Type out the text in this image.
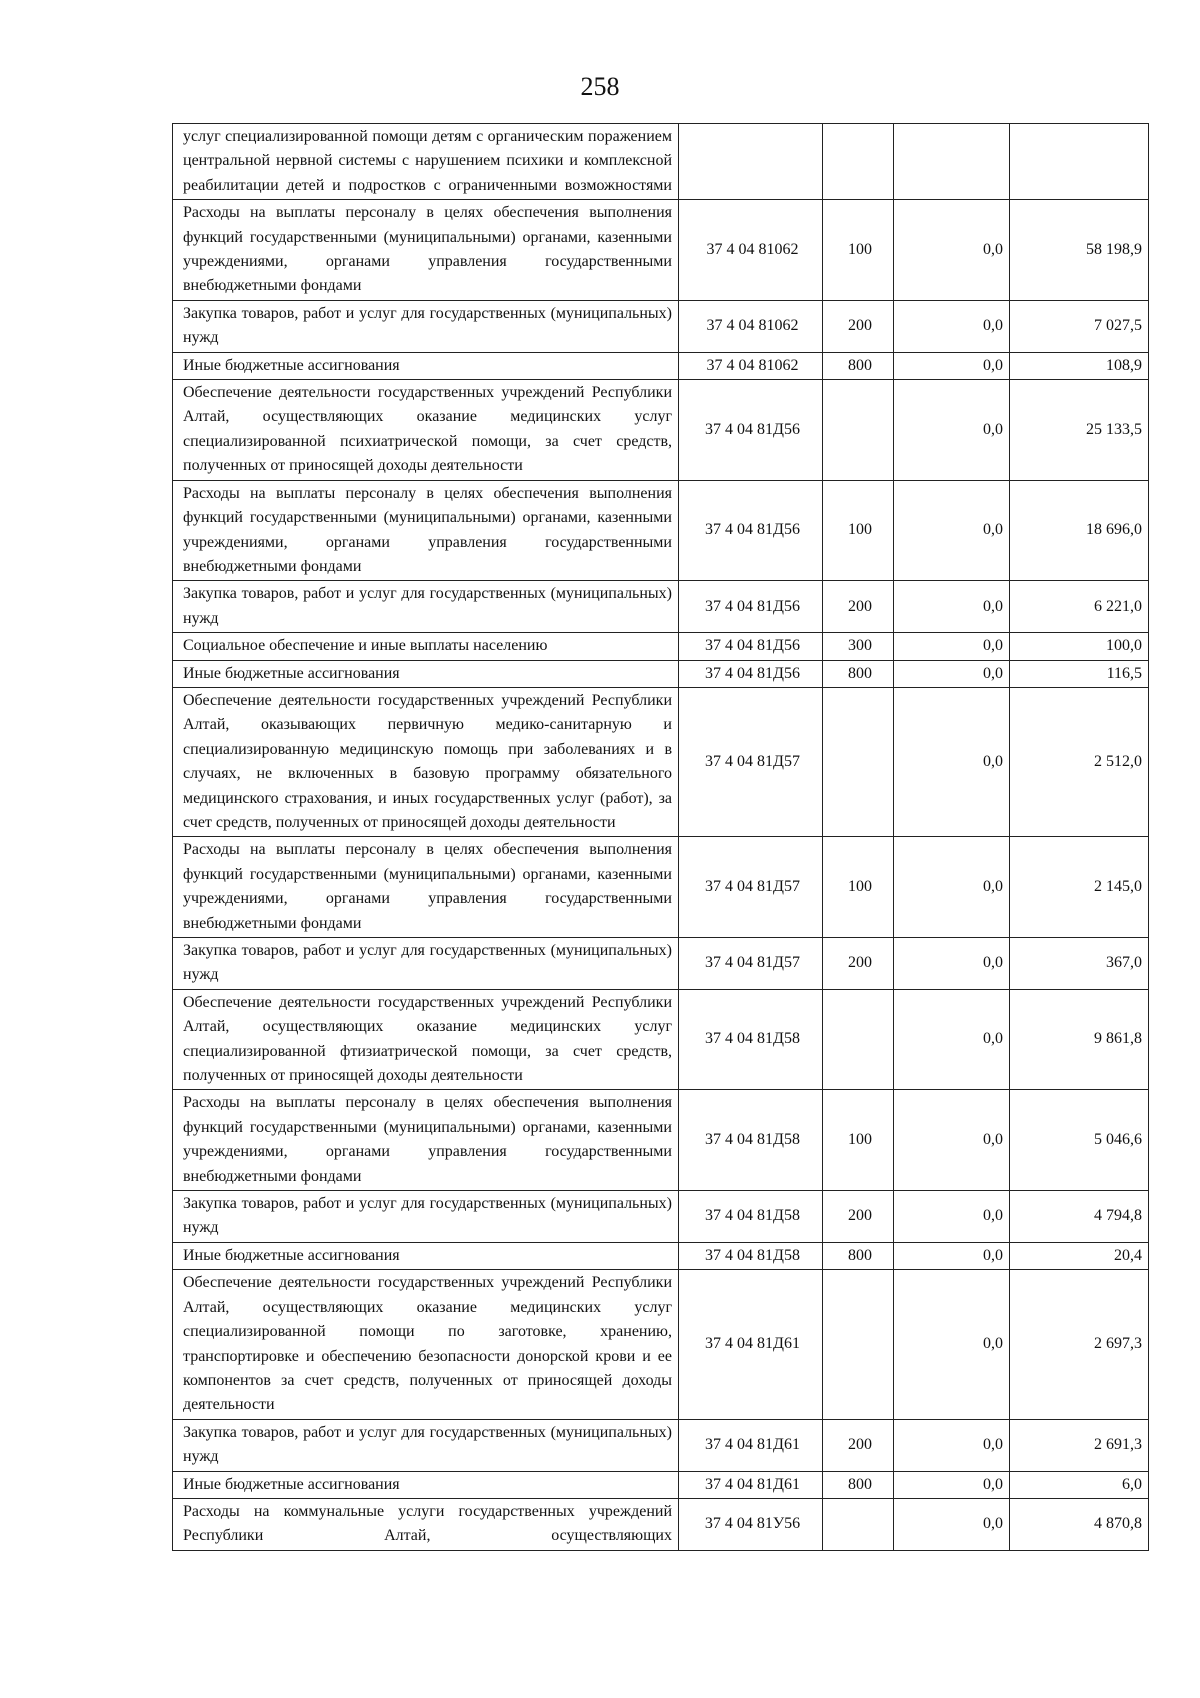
258
услуг специализированной помощи детям с органическим поражением центральной нервной системы с нарушением психики и комплексной реабилитации детей и подростков с ограниченными возможностями				
Расходы на выплаты персоналу в целях обеспечения выполнения функций государственными (муниципальными) органами, казенными учреждениями, органами управления государственными внебюджетными фондами	37 4 04 81062	100	0,0	58 198,9
Закупка товаров, работ и услуг для государственных (муниципальных) нужд	37 4 04 81062	200	0,0	7 027,5
Иные бюджетные ассигнования	37 4 04 81062	800	0,0	108,9
Обеспечение деятельности государственных учреждений Республики Алтай, осуществляющих оказание медицинских услуг специализированной психиатрической помощи, за счет средств, полученных от приносящей доходы деятельности	37 4 04 81Д56		0,0	25 133,5
Расходы на выплаты персоналу в целях обеспечения выполнения функций государственными (муниципальными) органами, казенными учреждениями, органами управления государственными внебюджетными фондами	37 4 04 81Д56	100	0,0	18 696,0
Закупка товаров, работ и услуг для государственных (муниципальных) нужд	37 4 04 81Д56	200	0,0	6 221,0
Социальное обеспечение и иные выплаты населению	37 4 04 81Д56	300	0,0	100,0
Иные бюджетные ассигнования	37 4 04 81Д56	800	0,0	116,5
Обеспечение деятельности государственных учреждений Республики Алтай, оказывающих первичную медико-санитарную и специализированную медицинскую помощь при заболеваниях и в случаях, не включенных в базовую программу обязательного медицинского страхования, и иных государственных услуг (работ), за счет средств, полученных от приносящей доходы деятельности	37 4 04 81Д57		0,0	2 512,0
Расходы на выплаты персоналу в целях обеспечения выполнения функций государственными (муниципальными) органами, казенными учреждениями, органами управления государственными внебюджетными фондами	37 4 04 81Д57	100	0,0	2 145,0
Закупка товаров, работ и услуг для государственных (муниципальных) нужд	37 4 04 81Д57	200	0,0	367,0
Обеспечение деятельности государственных учреждений Республики Алтай, осуществляющих оказание медицинских услуг специализированной фтизиатрической помощи, за счет средств, полученных от приносящей доходы деятельности	37 4 04 81Д58		0,0	9 861,8
Расходы на выплаты персоналу в целях обеспечения выполнения функций государственными (муниципальными) органами, казенными учреждениями, органами управления государственными внебюджетными фондами	37 4 04 81Д58	100	0,0	5 046,6
Закупка товаров, работ и услуг для государственных (муниципальных) нужд	37 4 04 81Д58	200	0,0	4 794,8
Иные бюджетные ассигнования	37 4 04 81Д58	800	0,0	20,4
Обеспечение деятельности государственных учреждений Республики Алтай, осуществляющих оказание медицинских услуг специализированной помощи по заготовке, хранению, транспортировке и обеспечению безопасности донорской крови и ее компонентов за счет средств, полученных от приносящей доходы деятельности	37 4 04 81Д61		0,0	2 697,3
Закупка товаров, работ и услуг для государственных (муниципальных) нужд	37 4 04 81Д61	200	0,0	2 691,3
Иные бюджетные ассигнования	37 4 04 81Д61	800	0,0	6,0
Расходы на коммунальные услуги государственных учреждений Республики Алтай, осуществляющих	37 4 04 81У56		0,0	4 870,8
